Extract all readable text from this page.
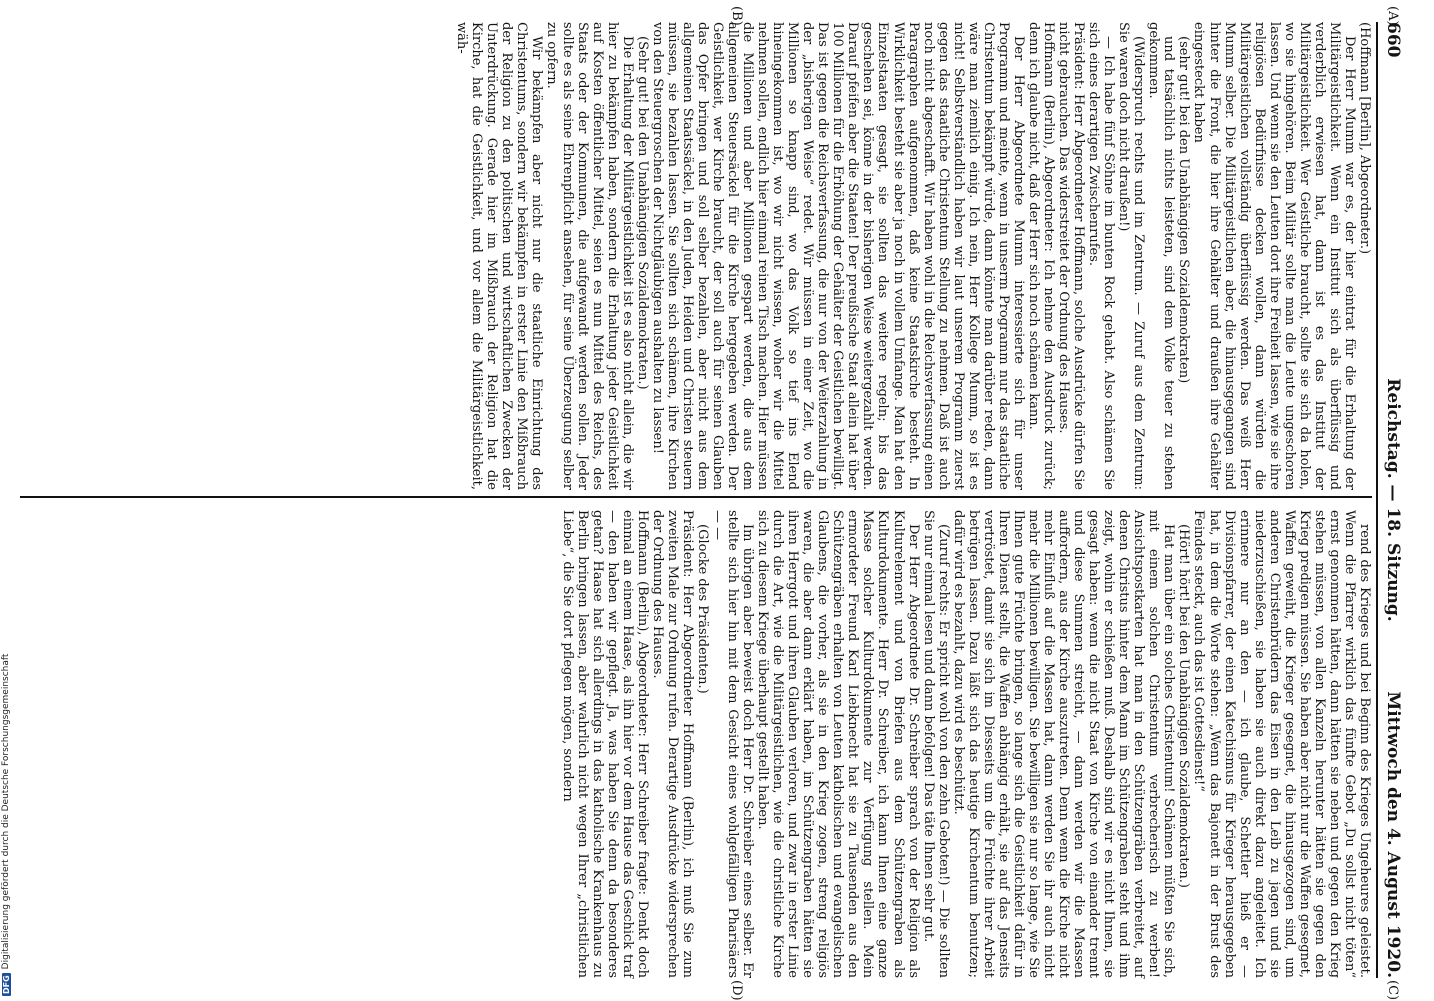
660
Reichstag. — 18. Sitzung.
Mittwoch den 4. August 1920.
(A)
(B)
(C)
(D)

(Hoffmann [Berlin], Abgeordneter.)

Der Herr Mumm war es, der hier eintrat für die Erhaltung der Militärgeistlichkeit. Wenn ein Institut sich als überflüssig und verderblich erwiesen hat, dann ist es das Institut der Militärgeistlichkeit. Wer Geistliche braucht, sollte sie sich da holen, wo sie hingehören. Beim Militär sollte man die Leute ungeschoren lassen. Und wenn sie den Leuten dort ihre Freiheit lassen, wie sie ihre religiösen Bedürfnisse decken wollen, dann würden die Militärgeistlichen vollständig überflüssig werden. Das weiß Herr Mumm selber. Die Militärgeistlichen aber, die hinausgegangen sind hinter die Front, die hier ihre Gehälter und draußen ihre Gehälter eingesteckt haben

(sehr gut! bei den Unabhängigen Sozialdemokraten)

und tatsächlich nichts leisteten, sind dem Volke teuer zu stehen gekommen.

(Widerspruch rechts und im Zentrum. — Zuruf aus dem Zentrum: Sie waren doch nicht draußen!)

— Ich habe fünf Söhne im bunten Rock gehabt. Also schämen Sie sich eines derartigen Zwischenrufes.

Präsident: Herr Abgeordneter Hoffmann, solche Ausdrücke dürfen Sie nicht gebrauchen. Das widerstreitet der Ordnung des Hauses.

Hoffmann (Berlin), Abgeordneter: Ich nehme den Ausdruck zurück; denn ich glaube nicht, daß der Herr sich noch schämen kann.

Der Herr Abgeordnete Mumm interessierte sich für unser Programm und meinte, wenn in unserm Programm nur das staatliche Christentum bekämpft würde, dann könnte man darüber reden, dann wäre man ziemlich einig. Ich nein, Herr Kollege Mumm, so ist es nicht! Selbstverständlich haben wir laut unserem Programm zuerst gegen das staatliche Christentum Stellung zu nehmen. Daß ist auch noch nicht abgeschafft. Wir haben wohl in die Reichsverfassung einen Paragraphen aufgenommen, daß keine Staatskirche besteht. In Wirklichkeit besteht sie aber ja noch in vollem Umfange. Man hat den Einzelstaaten gesagt, sie sollten das weitere regeln; bis das geschehen sei, könne in der bisherigen Weise weitergezahlt werden. Darauf pfeifen aber die Staaten! Der preußische Staat allein hat über 100 Millionen für die Erhöhung der Gehälter der Geistlichen bewilligt. Das ist gegen die Reichsverfassung, die nur von der Weiterzahlung in der „bisherigen Weise“ redet. Wir müssen in einer Zeit, wo die Millionen so knapp sind, wo das Volk so tief ins Elend hineingekommen ist, wo wir nicht wissen, woher wir die Mittel nehmen sollen, endlich hier einmal reinen Tisch machen. Hier müssen die Millionen und aber Millionen gespart werden, die aus dem allgemeinen Steuersäckel für die Kirche hergegeben werden. Der Geistlichkeit, wer Kirche braucht, der soll auch für seinen Glauben das Opfer bringen und soll selber bezahlen, aber nicht aus dem allgemeinen Staatssäckel, in den Juden, Heiden und Christen steuern müssen, sie bezahlen lassen. Sie sollten sich schämen, ihre Kirchen von den Steuergroschen der Nichtgläubigen aushalten zu lassen!

(Sehr gut! bei den Unabhängigen Sozialdemokraten.)

Die Erhaltung der Militärgeistlichkeit ist es also nicht allein, die wir hier zu bekämpfen haben, sondern die Erhaltung jeder Geistlichkeit auf Kosten öffentlicher Mittel, seien es nun Mittel des Reichs, des Staats oder der Kommunen, die aufgewandt werden sollen. Jeder sollte es als seine Ehrenpflicht ansehen, für seine Überzeugung selber zu opfern.

Wir bekämpfen aber nicht nur die staatliche Einrichtung des Christentums, sondern wir bekämpfen in erster Linie den Mißbrauch der Religion zu den politischen und wirtschaftlichen Zwecken der Unterdrückung. Gerade hier im Mißbrauch der Religion hat die Kirche, hat die Geistlichkeit, und vor allem die Militärgeistlichkeit, wäh-

rend des Krieges und bei Beginn des Krieges Ungeheures geleistet. Wenn die Pfarrer wirklich das fünfte Gebot „Du sollst nicht töten“ ernst genommen hätten, dann hätten sie neben und gegen den Krieg stehen müssen, von allen Kanzeln herunter hätten sie gegen den Krieg predigen müssen. Sie haben aber nicht nur die Waffen gesegnet, Waffen geweiht, die Krieger gesegnet, die hinausgezogen sind, um anderen Christenbrüdern das Eisen in den Leib zu jagen und sie niederzuschießen, sie haben sie auch direkt dazu angeleitet. Ich erinnere nur an den — ich glaube, Schettler hieß er — Divisionspfarrer, der einen Katechismus für Krieger herausgegeben hat, in dem die Worte stehen: „Wenn das Bajonett in der Brust des Feindes steckt, auch das ist Gottesdienst!“

(Hört! hört! bei den Unabhängigen Sozialdemokraten.)

Hat man über ein solches Christentum! Schämen müßten Sie sich, mit einem solchen Christentum verbrecherisch zu werben! Ansichtspostkarten hat man in den Schützengräben verbreitet, auf denen Christus hinter dem Mann im Schützengraben steht und ihm zeigt, wohin er schießen muß. Deshalb sind wir es nicht Ihnen, sie gesagt haben: wenn die nicht Staat von Kirche von einander trennt und diese Summen streicht, — dann werden wir die Massen auffordern, aus der Kirche auszutreten. Denn wenn die Kirche nicht mehr Einfluß auf die Massen hat, dann werden Sie ihr auch nicht mehr die Millionen bewilligen. Sie bewilligen sie nur so lange, wie Sie Ihnen gute Früchte bringen, so lange sich die Geistlichkeit dafür in Ihren Dienst stellt, die Waffen abhängig erhält, sie auf das Jenseits vertröstet, damit sie sich im Diesseits um die Früchte ihrer Arbeit betrügen lassen. Dazu läßt sich das heutige Kirchentum benutzen; dafür wird es bezahlt, dazu wird es beschützt.

(Zuruf rechts: Er spricht wohl von den zehn Geboten!) — Die sollten Sie nur einmal lesen und dann befolgen! Das täte Ihnen sehr gut.

Der Herr Abgeordnete Dr. Schreiber sprach von der Religion als Kulturelement und von Briefen aus dem Schützengraben als Kulturdokumente. Herr Dr. Schreiber, ich kann Ihnen eine ganze Masse solcher Kulturdokumente zur Verfügung stellen. Mein ermordeter Freund Karl Liebknecht hat sie zu Tausenden aus den Schützengräben erhalten von Leuten katholischen und evangelischen Glaubens, die vorher, als sie in den Krieg zogen, streng religiös waren, die aber dann erklärt haben, im Schützengraben hätten sie ihren Herrgott und ihren Glauben verloren, und zwar in erster Linie durch die Art, wie die Militärgeistlichen, wie die christliche Kirche sich zu diesem Kriege überhaupt gestellt haben.

Im übrigen aber beweist doch Herr Dr. Schreiber eines selber. Er stellte sich hier hin mit dem Gesicht eines wohlgefälligen Pharisäers — —

(Glocke des Präsidenten.)

Präsident: Herr Abgeordneter Hoffmann (Berlin), ich muß Sie zum zweiten Male zur Ordnung rufen. Derartige Ausdrücke widersprechen der Ordnung des Hauses.

Hoffmann (Berlin), Abgeordneter: Herr Schreiber fragte: Denkt doch einmal an einem Haase, als ihn hier vor dem Hause das Geschick traf — den haben wir gepflegt. Ja, was haben Sie denn da besonderes getan? Haase hat sich allerdings in das katholische Krankenhaus zu Berlin bringen lassen, aber wahrlich nicht wegen Ihrer „christlichen Liebe“, die Sie dort pflegen mögen, sondern

DFG
Digitalisierung gefördert durch die Deutsche Forschungsgemeinschaft
